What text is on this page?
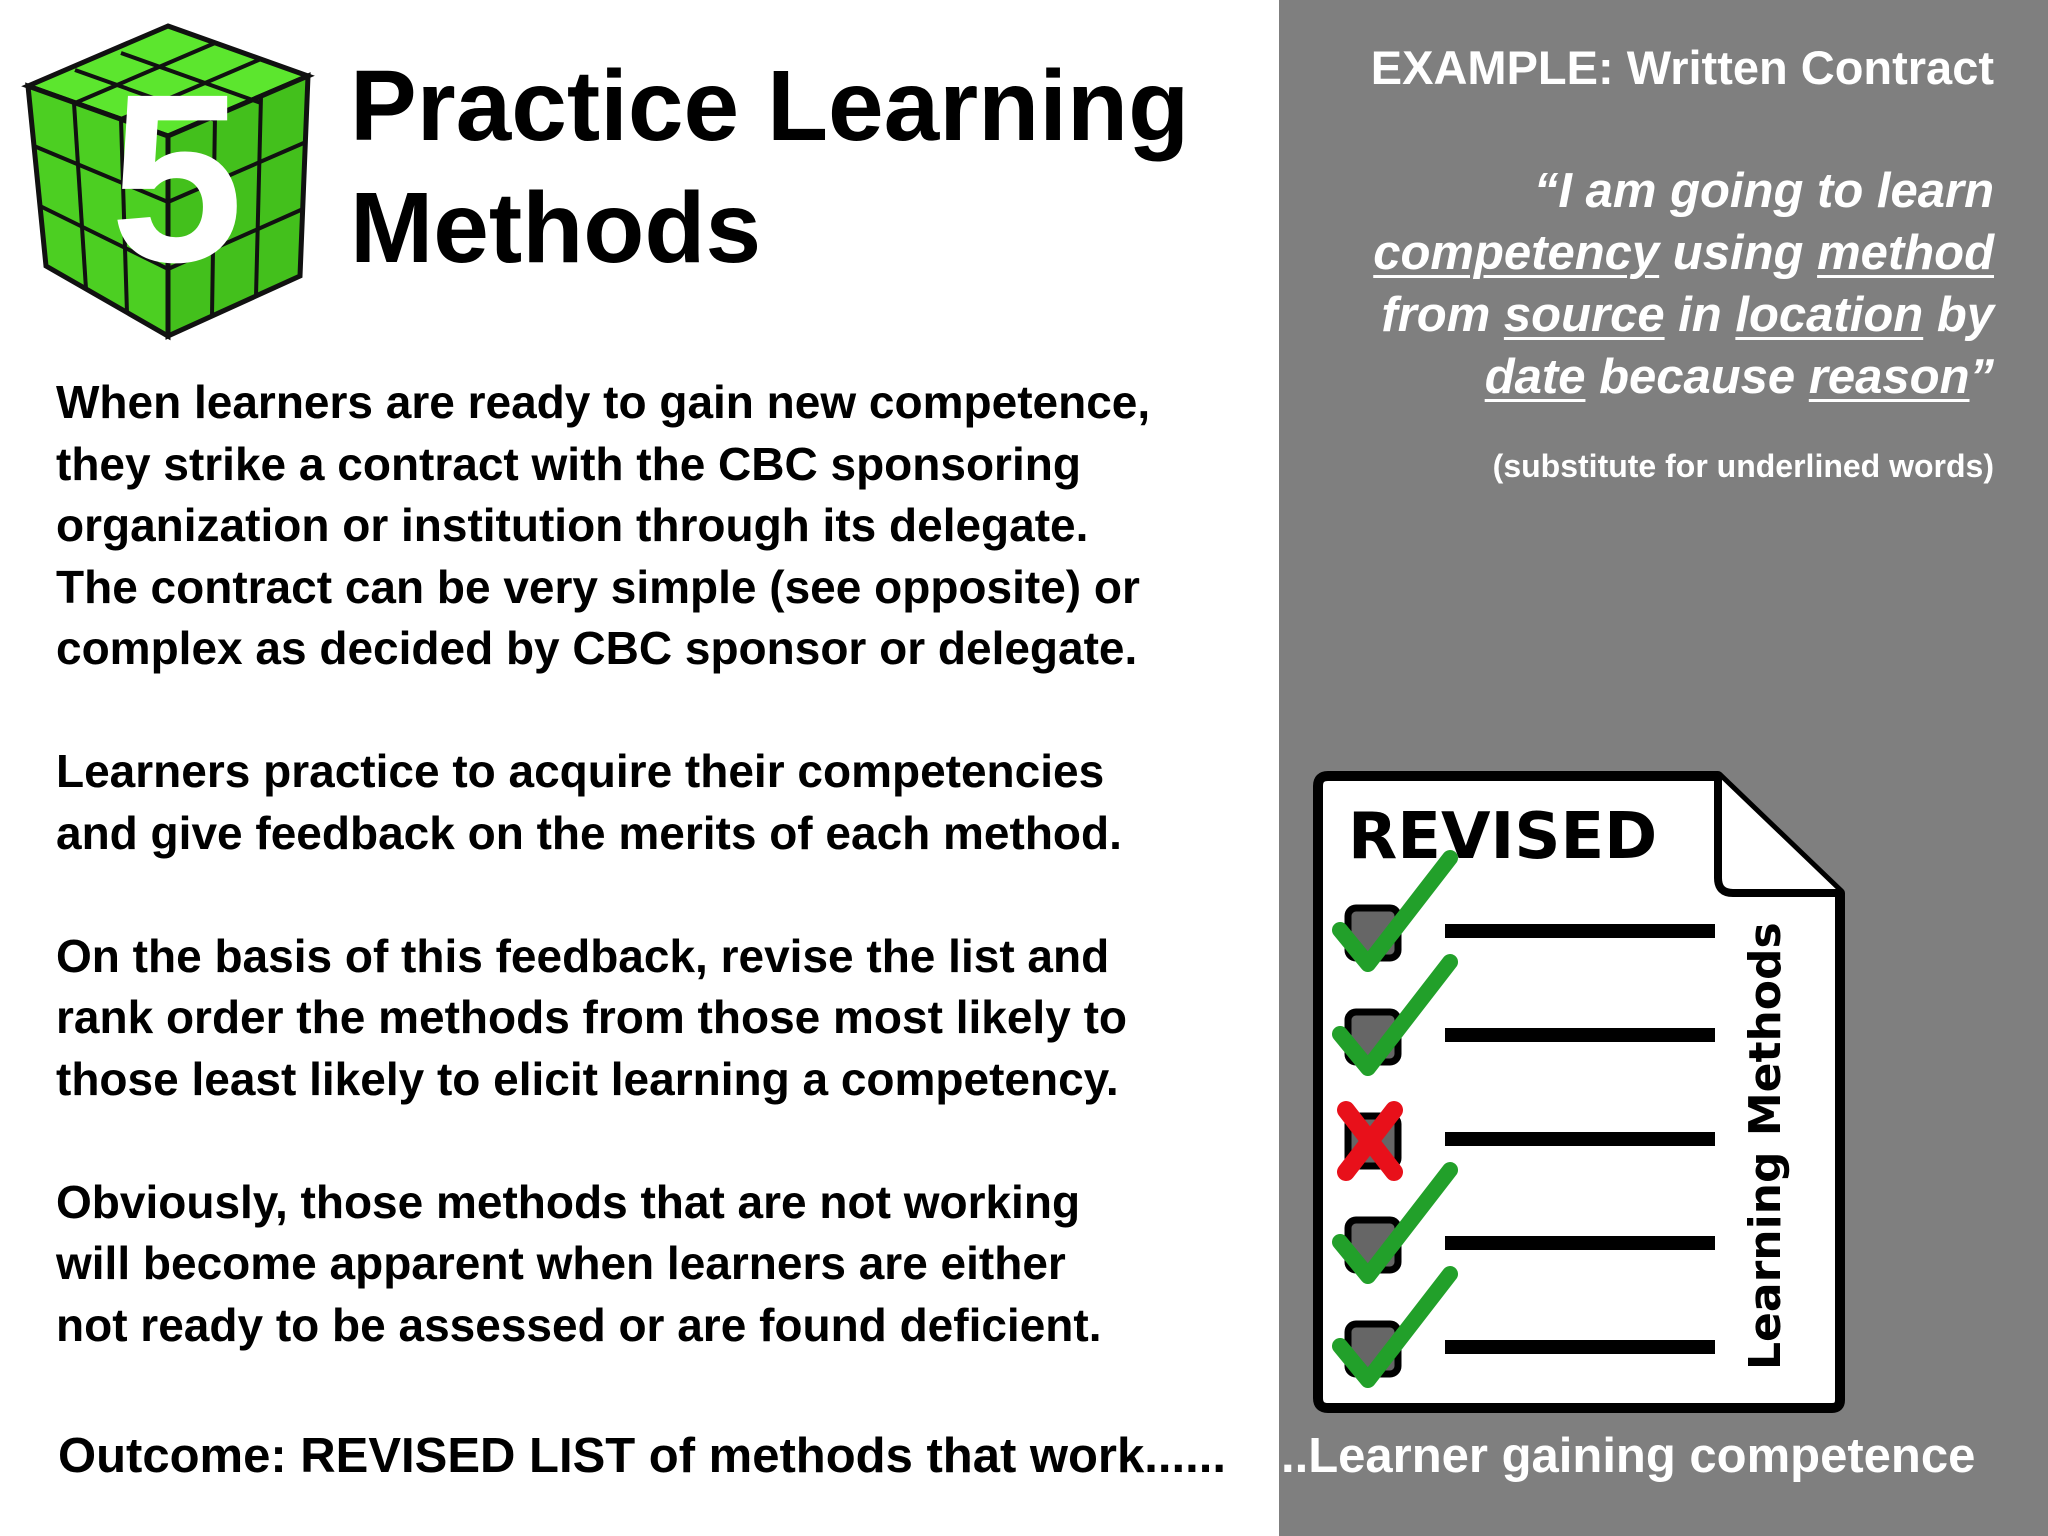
5 Practice Learning
Methods
When learners are ready to gain new competence,
they strike a contract with the CBC sponsoring
organization or institution through its delegate.
The contract can be very simple (see opposite) or
complex as decided by CBC sponsor or delegate.
Learners practice to acquire their competencies
and give feedback on the merits of each method.
On the basis of this feedback, revise the list and
rank order the methods from those most likely to
those least likely to elicit learning a competency.
Obviously, those methods that are not working
will become apparent when learners are either
not ready to be assessed or are found deficient.
EXAMPLE: Written Contract
“I am going to learn
competency using method
from source in location by
date because reason”
(substitute for underlined words)
REVISED
Learning Methods
Outcome: REVISED LIST of methods that work...... ..Learner gaining competence
